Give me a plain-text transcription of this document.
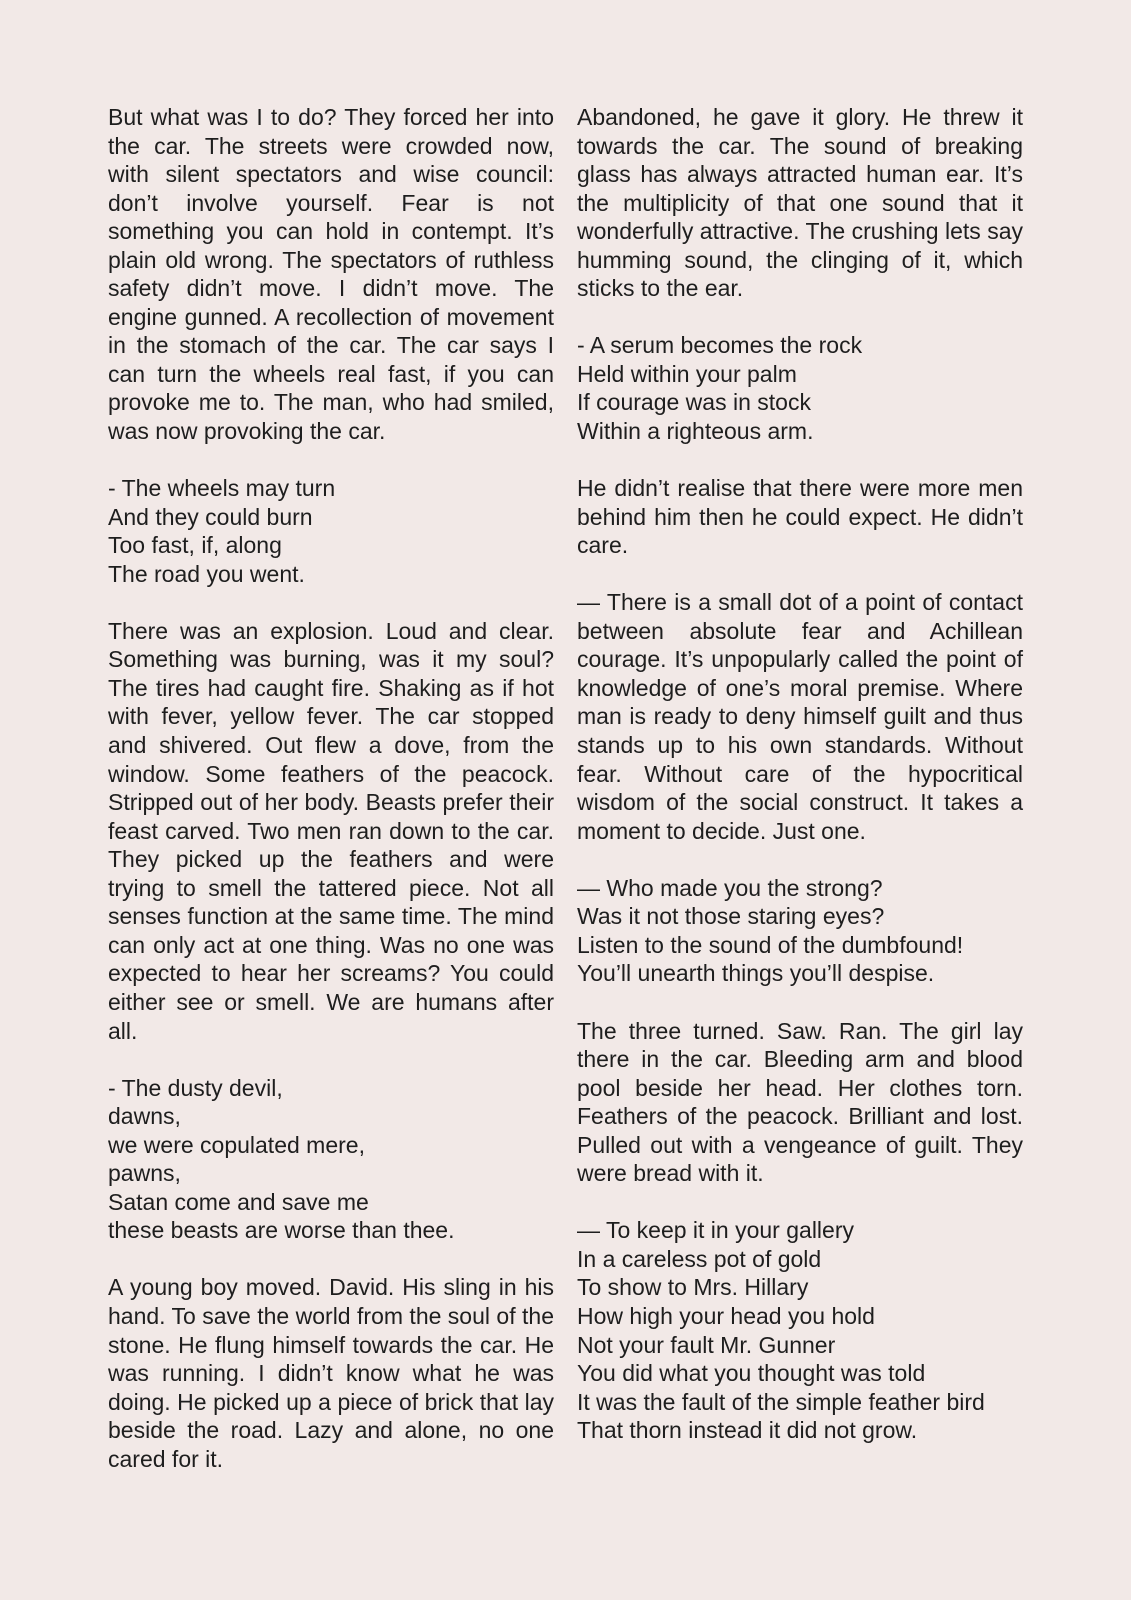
But what was I to do? They forced her into the car. The streets were crowded now, with silent spectators and wise council: don’t involve yourself. Fear is not something you can hold in contempt. It’s plain old wrong. The spectators of ruthless safety didn’t move. I didn’t move. The engine gunned. A recollection of movement in the stomach of the car. The car says I can turn the wheels real fast, if you can provoke me to. The man, who had smiled, was now provoking the car.

- The wheels may turn
And they could burn
Too fast, if, along
The road you went.

There was an explosion. Loud and clear. Something was burning, was it my soul? The tires had caught fire. Shaking as if hot with fever, yellow fever. The car stopped and shivered. Out flew a dove, from the window. Some feathers of the peacock. Stripped out of her body. Beasts prefer their feast carved. Two men ran down to the car. They picked up the feathers and were trying to smell the tattered piece. Not all senses function at the same time. The mind can only act at one thing. Was no one was expected to hear her screams? You could either see or smell. We are humans after all.

- The dusty devil,
dawns,
we were copulated mere,
pawns,
Satan come and save me
these beasts are worse than thee.

A young boy moved. David. His sling in his hand. To save the world from the soul of the stone. He flung himself towards the car. He was running. I didn’t know what he was doing. He picked up a piece of brick that lay beside the road. Lazy and alone, no one cared for it.

Abandoned, he gave it glory. He threw it towards the car. The sound of breaking glass has always attracted human ear. It’s the multiplicity of that one sound that it wonderfully attractive. The crushing lets say humming sound, the clinging of it, which sticks to the ear.

- A serum becomes the rock
Held within your palm
If courage was in stock
Within a righteous arm.

He didn’t realise that there were more men behind him then he could expect. He didn’t care.

— There is a small dot of a point of contact between absolute fear and Achillean courage. It’s unpopularly called the point of knowledge of one’s moral premise. Where man is ready to deny himself guilt and thus stands up to his own standards. Without fear. Without care of the hypocritical wisdom of the social construct. It takes a moment to decide. Just one.

— Who made you the strong?
Was it not those staring eyes?
Listen to the sound of the dumbfound!
You’ll unearth things you’ll despise.

The three turned. Saw. Ran. The girl lay there in the car. Bleeding arm and blood pool beside her head. Her clothes torn. Feathers of the peacock. Brilliant and lost. Pulled out with a vengeance of guilt. They were bread with it.

— To keep it in your gallery
In a careless pot of gold
To show to Mrs. Hillary
How high your head you hold
Not your fault Mr. Gunner
You did what you thought was told
It was the fault of the simple feather bird
That thorn instead it did not grow.
